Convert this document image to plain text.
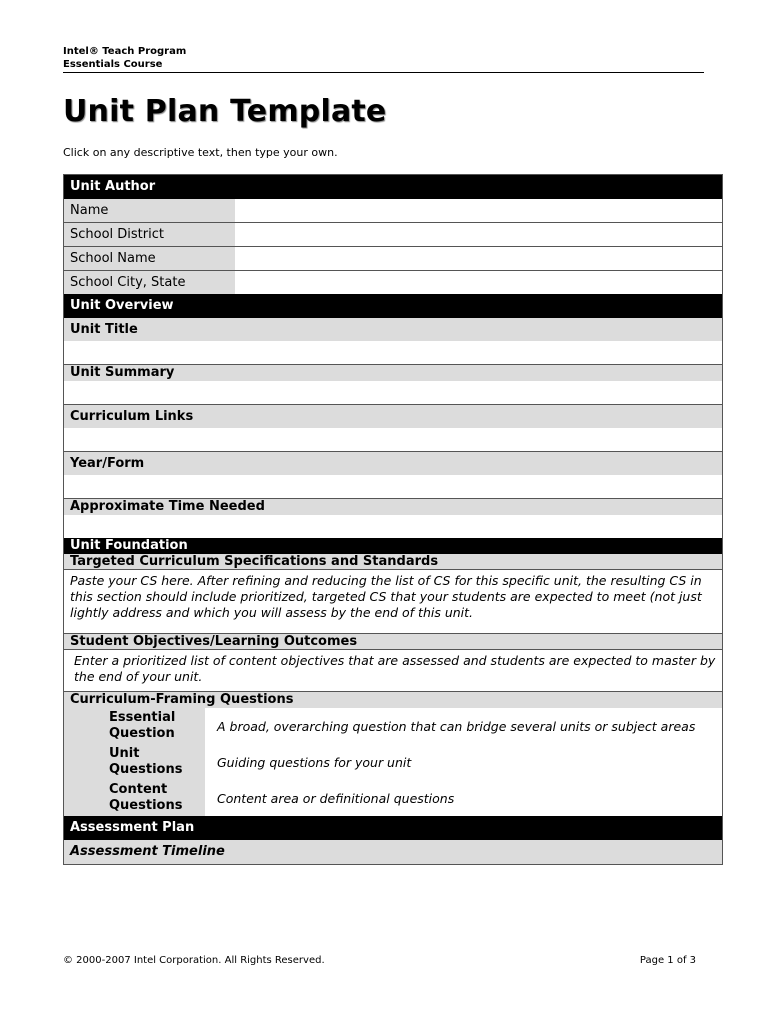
Intel® Teach Program
Essentials Course
Unit Plan Template
Click on any descriptive text, then type your own.
Unit Author
Name
School District
School Name
School City, State
Unit Overview
Unit Title
Unit Summary
Curriculum Links
Year/Form
Approximate Time Needed
Unit Foundation
Targeted Curriculum Specifications and Standards
Paste your CS here. After refining and reducing the list of CS for this specific unit, the resulting CS in this section should include prioritized, targeted CS that your students are expected to meet (not just lightly address and which you will assess by the end of this unit.
Student Objectives/Learning Outcomes
Enter a prioritized list of content objectives that are assessed and students are expected to master by the end of your unit.
Curriculum-Framing Questions
Essential Question	A broad, overarching question that can bridge several units or subject areas
Unit Questions	Guiding questions for your unit
Content Questions	Content area or definitional questions
Assessment Plan
Assessment Timeline
© 2000-2007 Intel Corporation. All Rights Reserved.	Page 1 of 3
